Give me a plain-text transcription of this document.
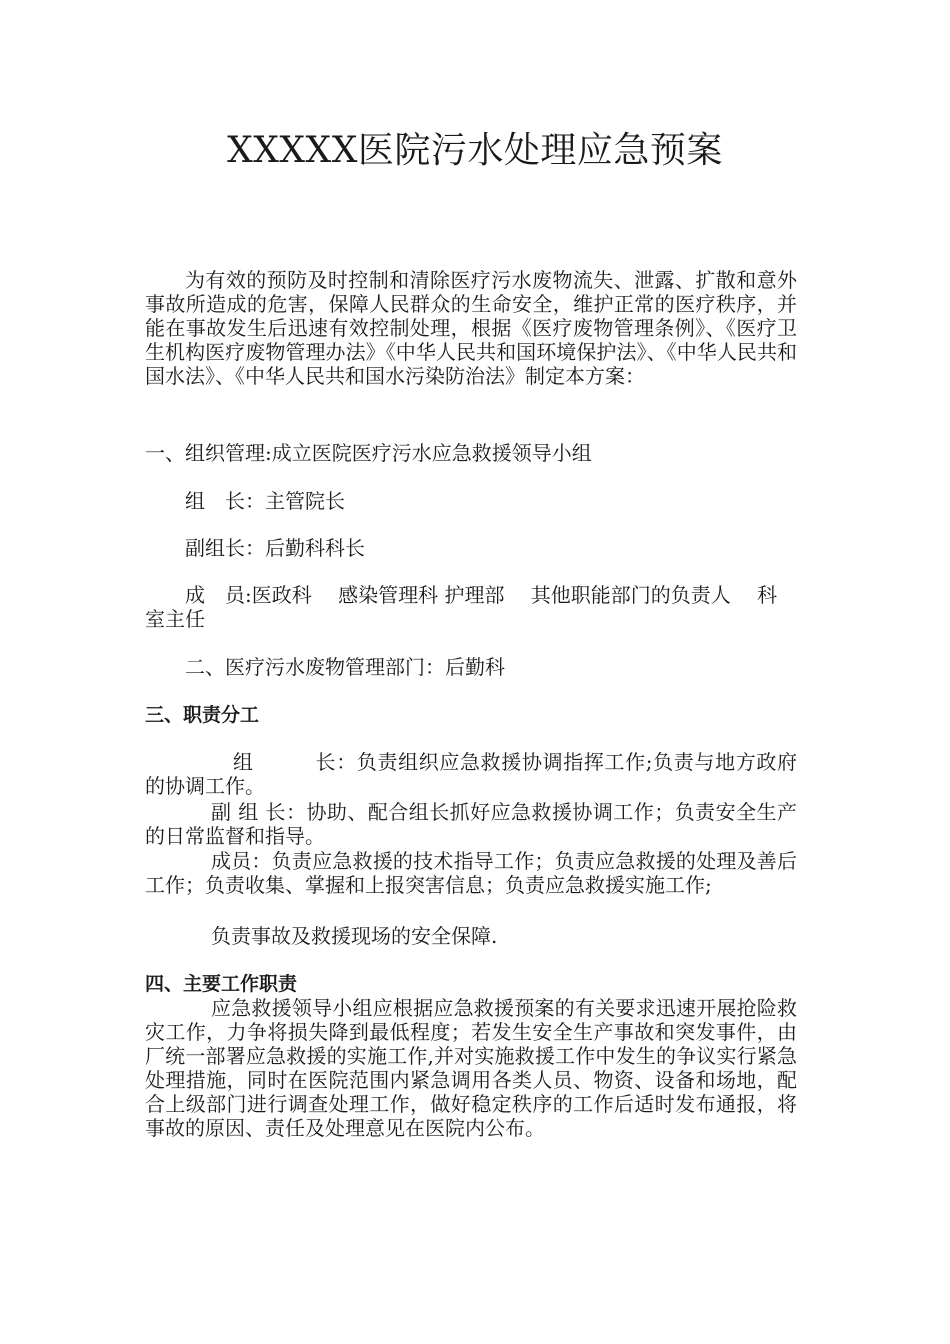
XXXXX医院污水处理应急预案

为有效的预防及时控制和清除医疗污水废物流失、泄露、扩散和意外事故所造成的危害，保障人民群众的生命安全，维护正常的医疗秩序，并能在事故发生后迅速有效控制处理，根据《医疗废物管理条例》、《医疗卫生机构医疗废物管理办法》《中华人民共和国环境保护法》、《中华人民共和国水法》、《中华人民共和国水污染防治法》制定本方案：

一、组织管理:成立医院医疗污水应急救援领导小组

组　长：主管院长

副组长：后勤科科长

成　员:医政科　 感染管理科 护理部　 其他职能部门的负责人　 科室主任

二、医疗污水废物管理部门：后勤科

三、职责分工

组　　　长：负责组织应急救援协调指挥工作;负责与地方政府的协调工作。

副 组 长：协助、配合组长抓好应急救援协调工作；负责安全生产的日常监督和指导。

成员：负责应急救援的技术指导工作；负责应急救援的处理及善后工作；负责收集、掌握和上报突害信息；负责应急救援实施工作;

负责事故及救援现场的安全保障.

四、主要工作职责

应急救援领导小组应根据应急救援预案的有关要求迅速开展抢险救灾工作，力争将损失降到最低程度；若发生安全生产事故和突发事件，由厂统一部署应急救援的实施工作,并对实施救援工作中发生的争议实行紧急处理措施，同时在医院范围内紧急调用各类人员、物资、设备和场地，配合上级部门进行调查处理工作，做好稳定秩序的工作后适时发布通报，将事故的原因、责任及处理意见在医院内公布。
